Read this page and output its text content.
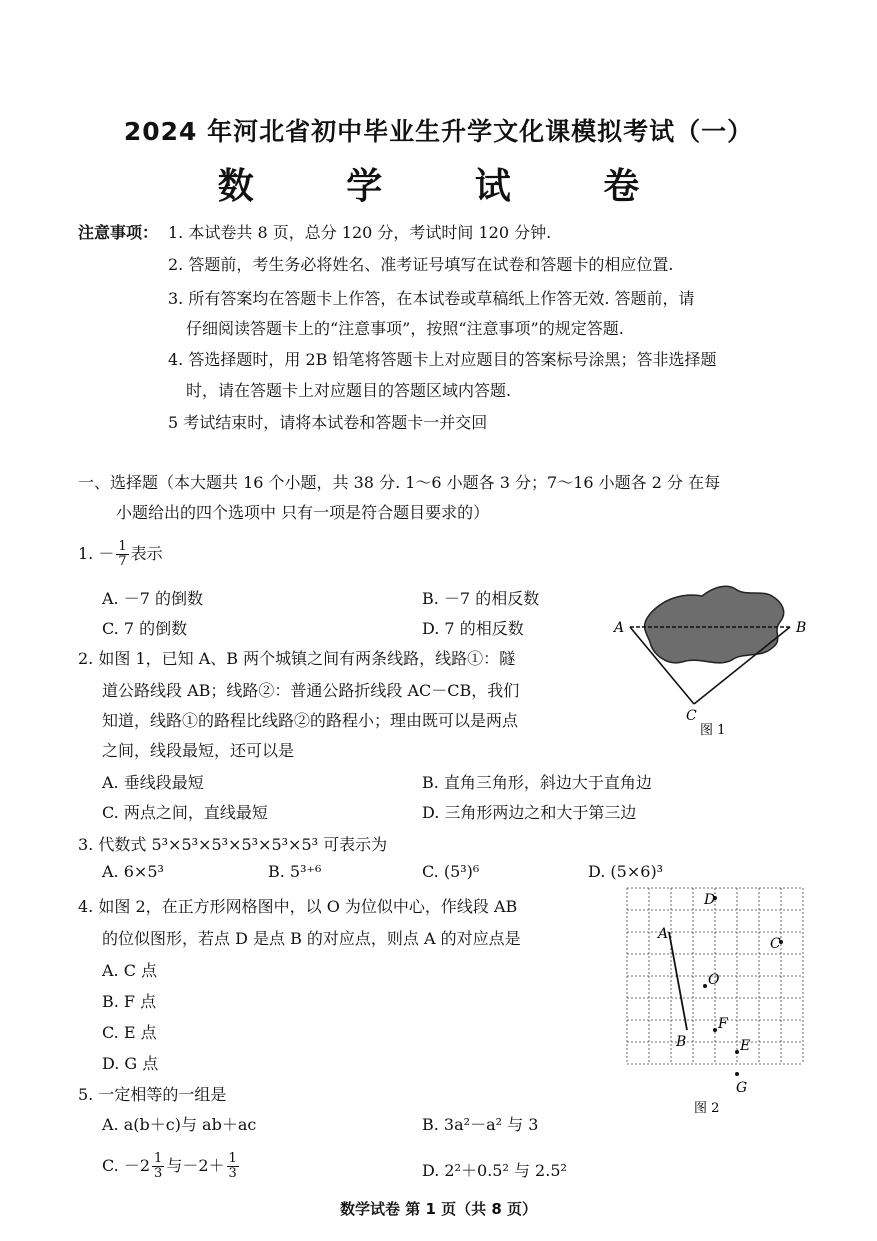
2024 年河北省初中毕业生升学文化课模拟考试（一）
数 学 试 卷
注意事项： 1. 本试卷共 8 页，总分 120 分，考试时间 120 分钟.
2. 答题前，考生务必将姓名、准考证号填写在试卷和答题卡的相应位置.
3. 所有答案均在答题卡上作答，在本试卷或草稿纸上作答无效. 答题前，请
仔细阅读答题卡上的“注意事项”，按照“注意事项”的规定答题.
4. 答选择题时，用 2B 铅笔将答题卡上对应题目的答案标号涂黑；答非选择题
时，请在答题卡上对应题目的答题区域内答题.
5 考试结束时，请将本试卷和答题卡一并交回
一、选择题（本大题共 16 个小题，共 38 分. 1～6 小题各 3 分；7～16 小题各 2 分 在每
小题给出的四个选项中 只有一项是符合题目要求的）
1. － $\frac{1}{7}$ 表示
A. －7 的倒数	B. －7 的相反数
C. 7 的倒数	D. 7 的相反数
2. 如图 1，已知 A、B 两个城镇之间有两条线路，线路①：隧
道公路线段 AB；线路②：普通公路折线段 AC－CB，我们
知道，线路①的路程比线路②的路程小；理由既可以是两点
之间，线段最短，还可以是
A. 垂线段最短	B. 直角三角形，斜边大于直角边
C. 两点之间，直线最短	D. 三角形两边之和大于第三边
A	B
C
图 1
3. 代数式 5³×5³×5³×5³×5³×5³ 可表示为
A. 6×5³	B. 5³⁺⁶	C. (5³)⁶	D. (5×6)³
4. 如图 2，在正方形网格图中，以 O 为位似中心，作线段 AB
的位似图形，若点 D 是点 B 的对应点，则点 A 的对应点是
A. C 点
B. F 点
C. E 点
D. G 点
A
B
C
D
E
F
G
O
图 2
5. 一定相等的一组是
A. a(b＋c)与 ab＋ac	B. 3a²－a² 与 3
C. $-2 \frac{1}{3}$ 与$-2+ \frac{1}{3}$	D. 2²＋0.5² 与 2.5²
数学试卷 第 1 页（共 8 页）
